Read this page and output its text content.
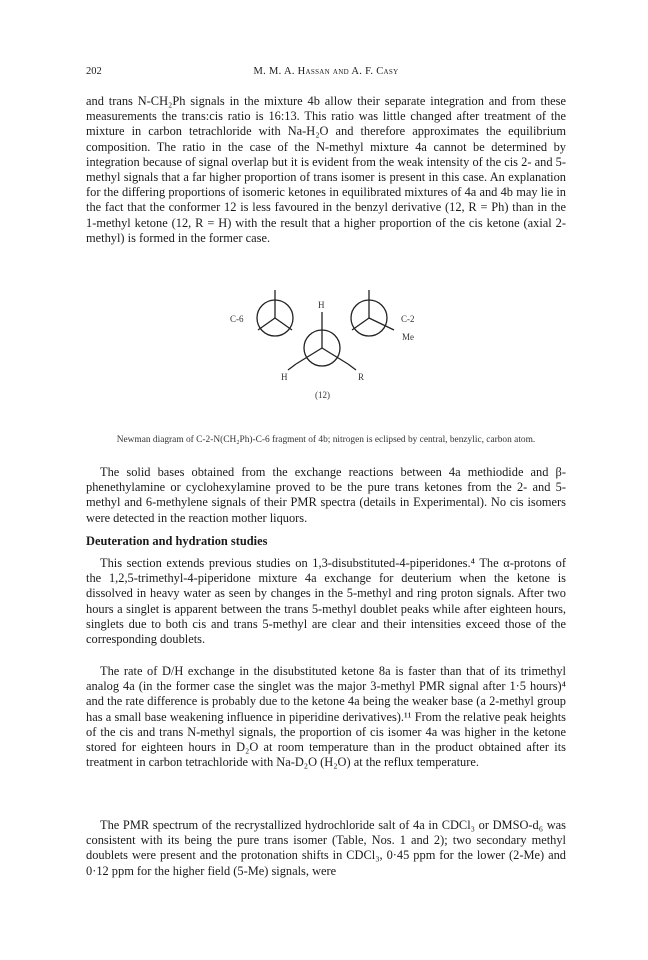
202	M. M. A. Hassan and A. F. Casy

and trans N-CH₂Ph signals in the mixture 4b allow their separate integration and from these measurements the trans:cis ratio is 16:13. This ratio was little changed after treatment of the mixture in carbon tetrachloride with Na-H₂O and therefore approximates the equilibrium composition. The ratio in the case of the N-methyl mixture 4a cannot be determined by integration because of signal overlap but it is evident from the weak intensity of the cis 2- and 5-methyl signals that a far higher proportion of trans isomer is present in this case. An explanation for the differing proportions of isomeric ketones in equilibrated mixtures of 4a and 4b may lie in the fact that the conformer 12 is less favoured in the benzyl derivative (12, R = Ph) than in the 1-methyl ketone (12, R = H) with the result that a higher proportion of the cis ketone (axial 2-methyl) is formed in the former case.

C-6	C-2
H
Me
H	R
(12)
Newman diagram of C-2-N(CH₂Ph)-C-6 fragment of 4b; nitrogen is eclipsed by central, benzylic, carbon atom.

The solid bases obtained from the exchange reactions between 4a methiodide and β-phenethylamine or cyclohexylamine proved to be the pure trans ketones from the 2- and 5-methyl and 6-methylene signals of their PMR spectra (details in Experimental). No cis isomers were detected in the reaction mother liquors.

Deuteration and hydration studies

This section extends previous studies on 1,3-disubstituted-4-piperidones.⁴ The α-protons of the 1,2,5-trimethyl-4-piperidone mixture 4a exchange for deuterium when the ketone is dissolved in heavy water as seen by changes in the 5-methyl and ring proton signals. After two hours a singlet is apparent between the trans 5-methyl doublet peaks while after eighteen hours, singlets due to both cis and trans 5-methyl are clear and their intensities exceed those of the corresponding doublets.

The rate of D/H exchange in the disubstituted ketone 8a is faster than that of its trimethyl analog 4a (in the former case the singlet was the major 3-methyl PMR signal after 1·5 hours)⁴ and the rate difference is probably due to the ketone 4a being the weaker base (a 2-methyl group has a small base weakening influence in piperidine derivatives).¹¹ From the relative peak heights of the cis and trans N-methyl signals, the proportion of cis isomer 4a was higher in the ketone stored for eighteen hours in D₂O at room temperature than in the product obtained after its treatment in carbon tetrachloride with Na-D₂O (H₂O) at the reflux temperature.

The PMR spectrum of the recrystallized hydrochloride salt of 4a in CDCl₃ or DMSO-d₆ was consistent with its being the pure trans isomer (Table, Nos. 1 and 2); two secondary methyl doublets were present and the protonation shifts in CDCl₃, 0·45 ppm for the lower (2-Me) and 0·12 ppm for the higher field (5-Me) signals, were
